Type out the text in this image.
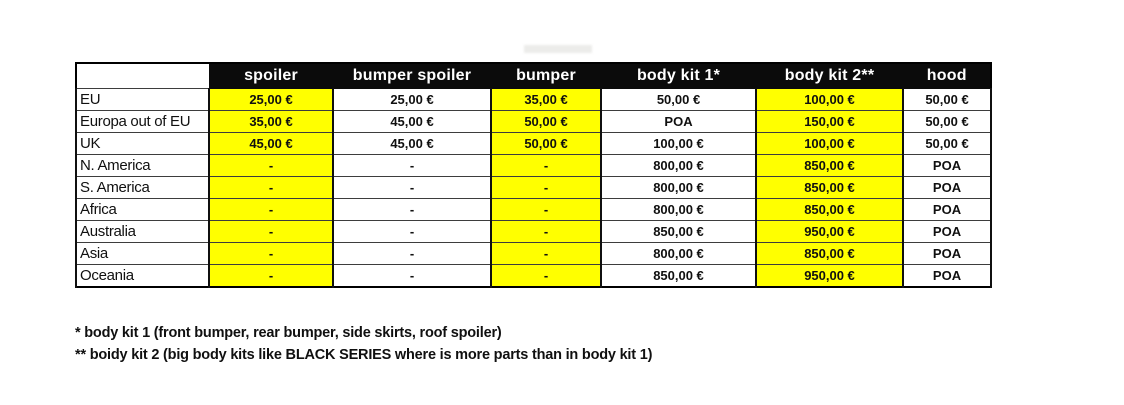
	spoiler	bumper spoiler	bumper	body kit 1*	body kit 2**	hood
EU	25,00 €	25,00 €	35,00 €	50,00 €	100,00 €	50,00 €
Europa out of EU	35,00 €	45,00 €	50,00 €	POA	150,00 €	50,00 €
UK	45,00 €	45,00 €	50,00 €	100,00 €	100,00 €	50,00 €
N. America	-	-	-	800,00 €	850,00 €	POA
S. America	-	-	-	800,00 €	850,00 €	POA
Africa	-	-	-	800,00 €	850,00 €	POA
Australia	-	-	-	850,00 €	950,00 €	POA
Asia	-	-	-	800,00 €	850,00 €	POA
Oceania	-	-	-	850,00 €	950,00 €	POA
* body kit 1 (front bumper, rear bumper, side skirts, roof spoiler)
** boidy kit 2 (big body kits like BLACK SERIES where is more parts than in body kit 1)
